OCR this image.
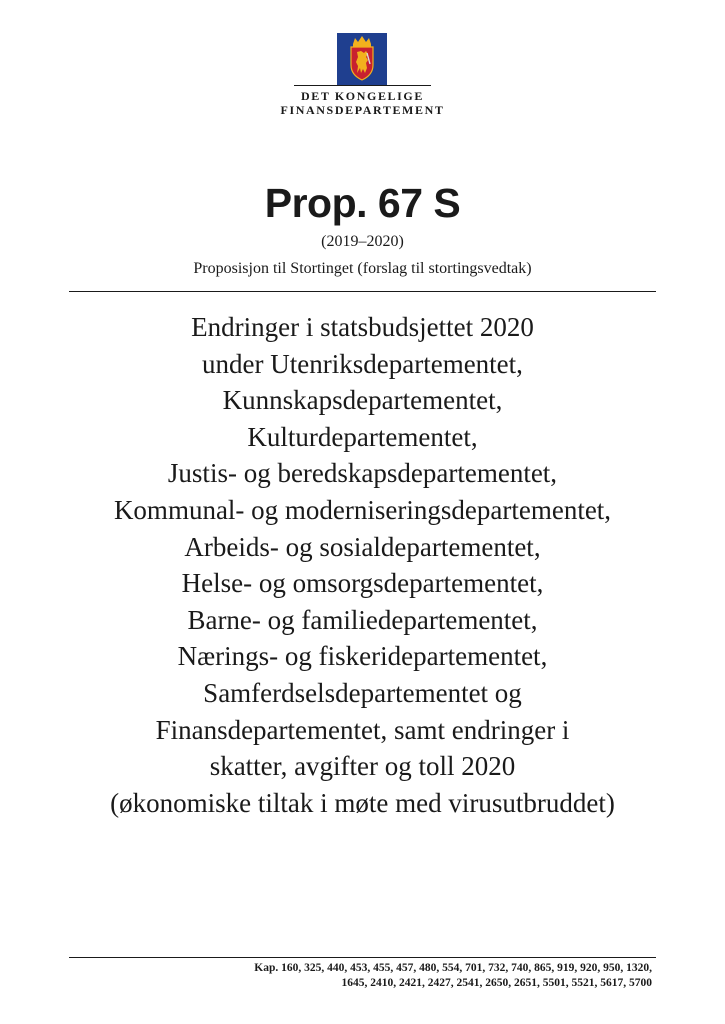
DET KONGELIGE
FINANSDEPARTEMENT
Prop. 67 S
(2019–2020)
Proposisjon til Stortinget (forslag til stortingsvedtak)
Endringer i statsbudsjettet 2020
under Utenriksdepartementet,
Kunnskapsdepartementet,
Kulturdepartementet,
Justis- og beredskapsdepartementet,
Kommunal- og moderniseringsdepartementet,
Arbeids- og sosialdepartementet,
Helse- og omsorgsdepartementet,
Barne- og familiedepartementet,
Nærings- og fiskeridepartementet,
Samferdselsdepartementet og
Finansdepartementet, samt endringer i
skatter, avgifter og toll 2020
(økonomiske tiltak i møte med virusutbruddet)
Kap. 160, 325, 440, 453, 455, 457, 480, 554, 701, 732, 740, 865, 919, 920, 950, 1320,
1645, 2410, 2421, 2427, 2541, 2650, 2651, 5501, 5521, 5617, 5700
